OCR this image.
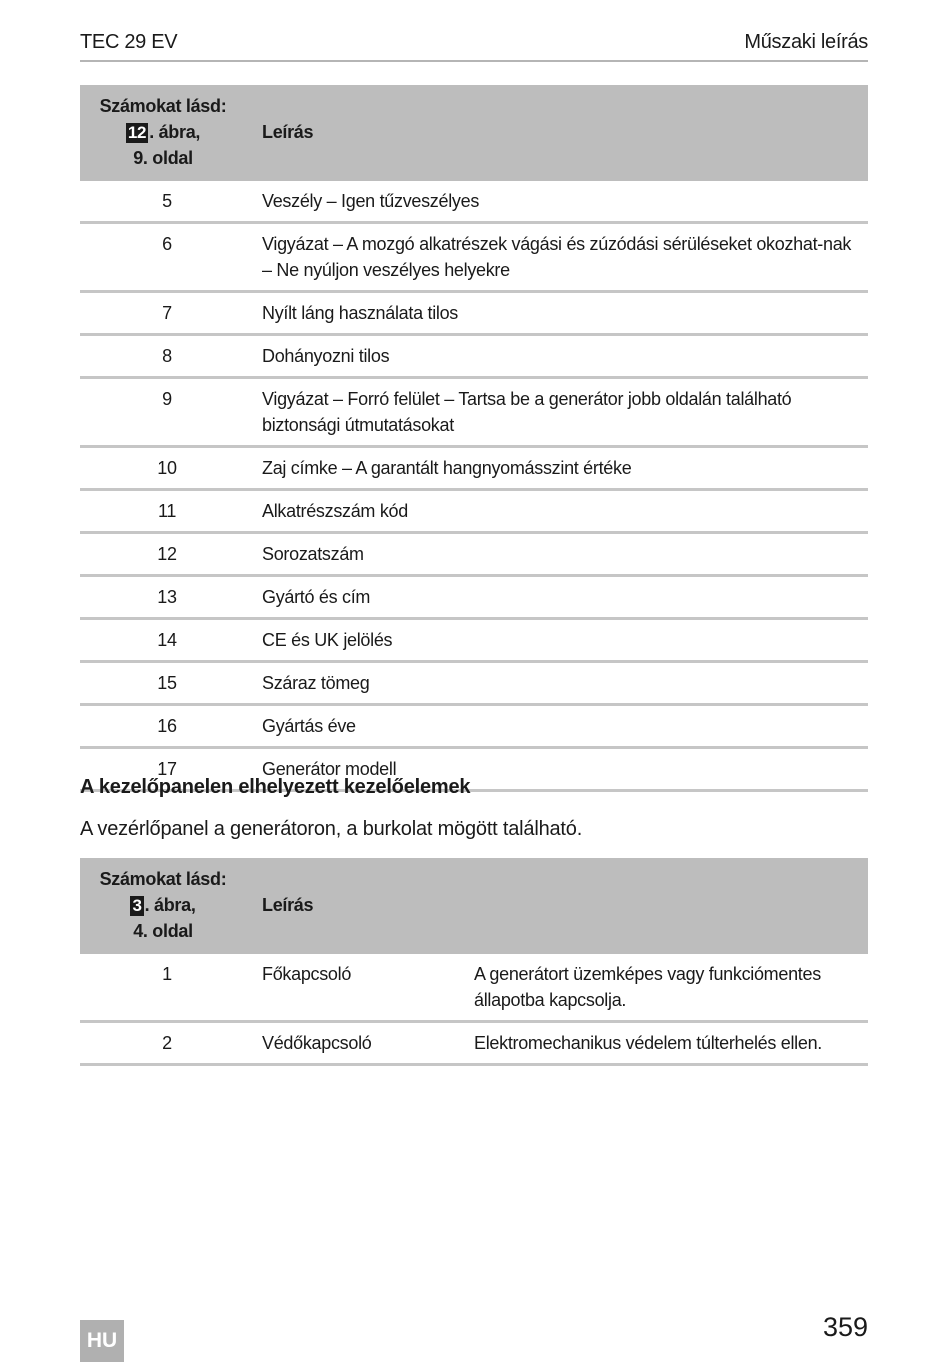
TEC 29 EV	Műszaki leírás
Számokat lásd:
12 . ábra,
9. oldal	Leírás
5	Veszély – Igen tűzveszélyes
6	Vigyázat – A mozgó alkatrészek vágási és zúzódási sérüléseket okozhat-nak – Ne nyúljon veszélyes helyekre
7	Nyílt láng használata tilos
8	Dohányozni tilos
9	Vigyázat – Forró felület – Tartsa be a generátor jobb oldalán található biztonsági útmutatásokat
10	Zaj címke – A garantált hangnyomásszint értéke
11	Alkatrészszám kód
12	Sorozatszám
13	Gyártó és cím
14	CE és UK jelölés
15	Száraz tömeg
16	Gyártás éve
17	Generátor modell
A kezelőpanelen elhelyezett kezelőelemek
A vezérlőpanel a generátoron, a burkolat mögött található.
Számokat lásd:
3 . ábra,
4. oldal	Leírás	
1	Főkapcsoló	A generátort üzemképes vagy funkciómentes állapotba kapcsolja.
2	Védőkapcsoló	Elektromechanikus védelem túlterhelés ellen.
HU	359
